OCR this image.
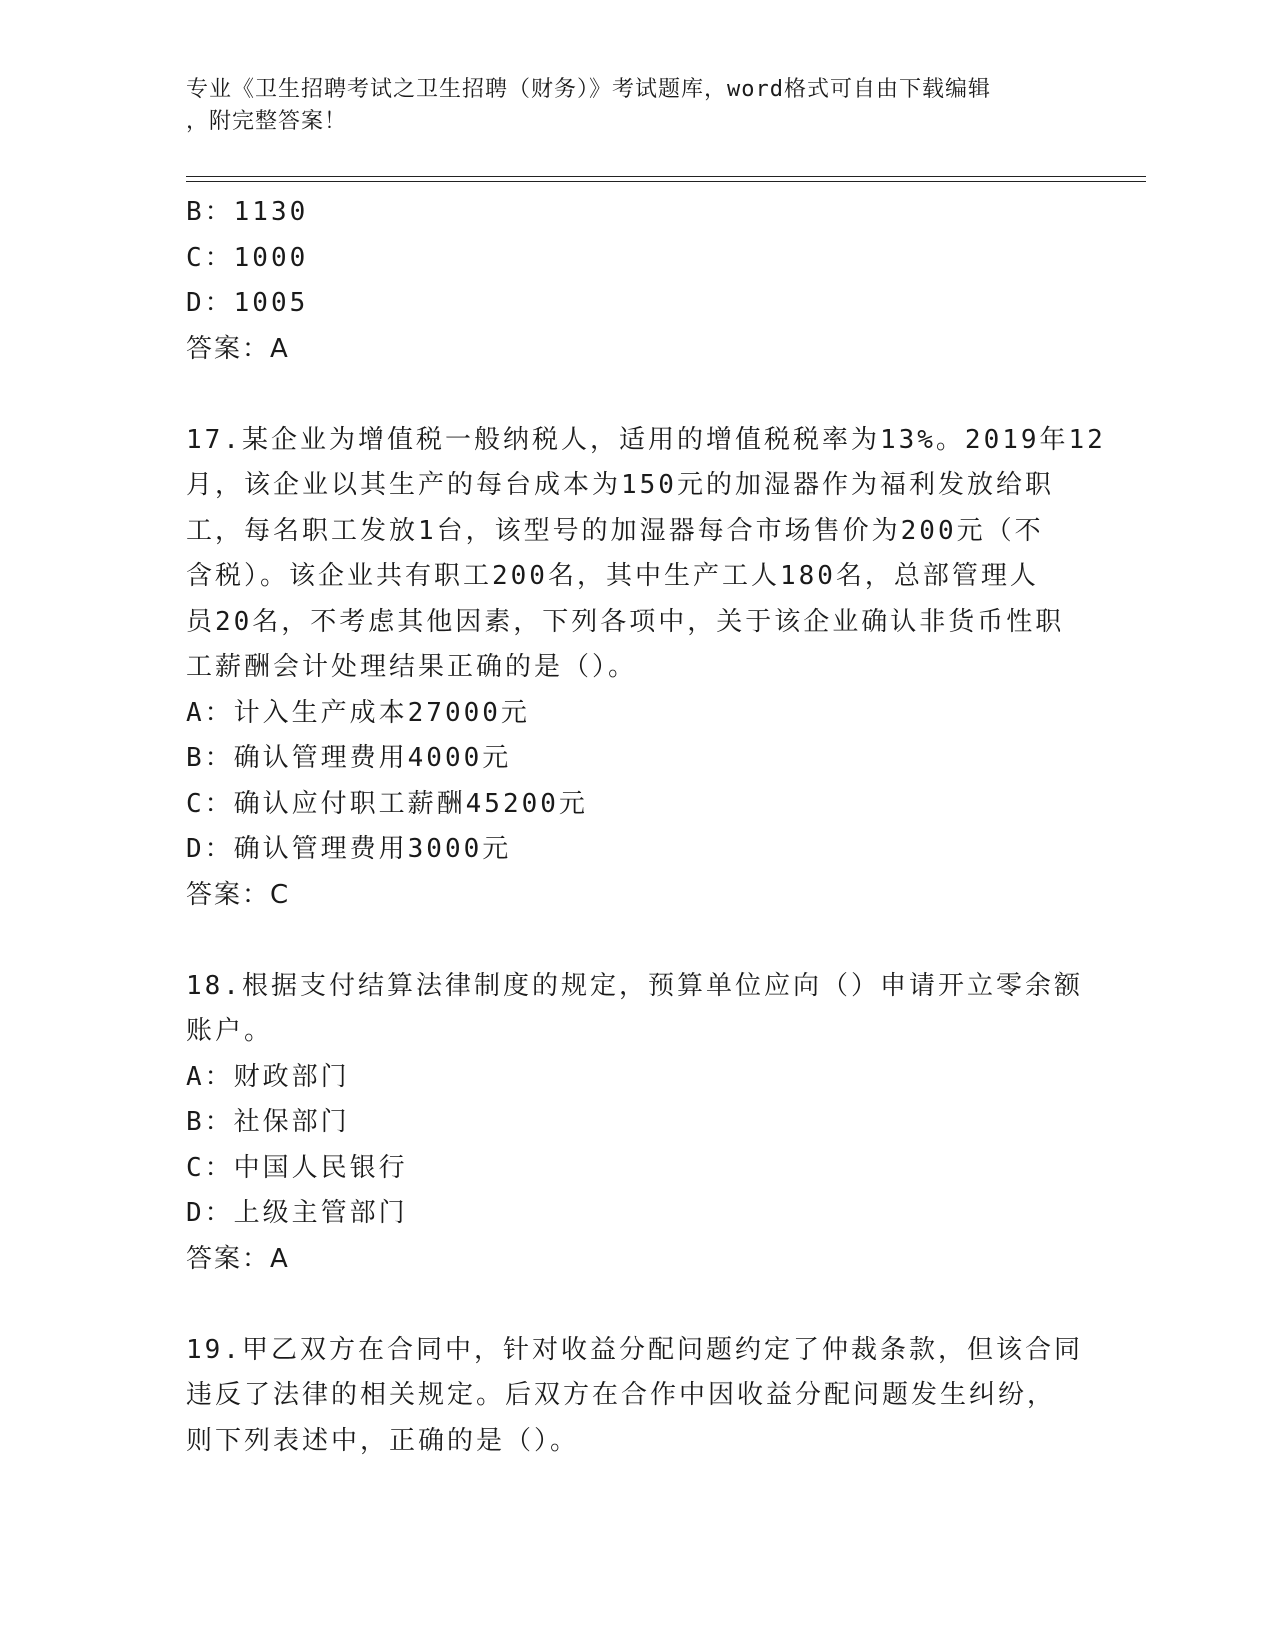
专业《卫生招聘考试之卫生招聘（财务）》考试题库，word格式可自由下载编辑
，附完整答案！
B：1130
C：1000
D：1005
答案：A
17.某企业为增值税一般纳税人，适用的增值税税率为13%。2019年12
月，该企业以其生产的每台成本为150元的加湿器作为福利发放给职
工，每名职工发放1台，该型号的加湿器每合市场售价为200元（不
含税）。该企业共有职工200名，其中生产工人180名，总部管理人
员20名，不考虑其他因素，下列各项中，关于该企业确认非货币性职
工薪酬会计处理结果正确的是（）。
A：计入生产成本27000元
B：确认管理费用4000元
C：确认应付职工薪酬45200元
D：确认管理费用3000元
答案：C
18.根据支付结算法律制度的规定，预算单位应向（）申请开立零余额
账户。
A：财政部门
B：社保部门
C：中国人民银行
D：上级主管部门
答案：A
19.甲乙双方在合同中，针对收益分配问题约定了仲裁条款，但该合同
违反了法律的相关规定。后双方在合作中因收益分配问题发生纠纷，
则下列表述中，正确的是（）。
